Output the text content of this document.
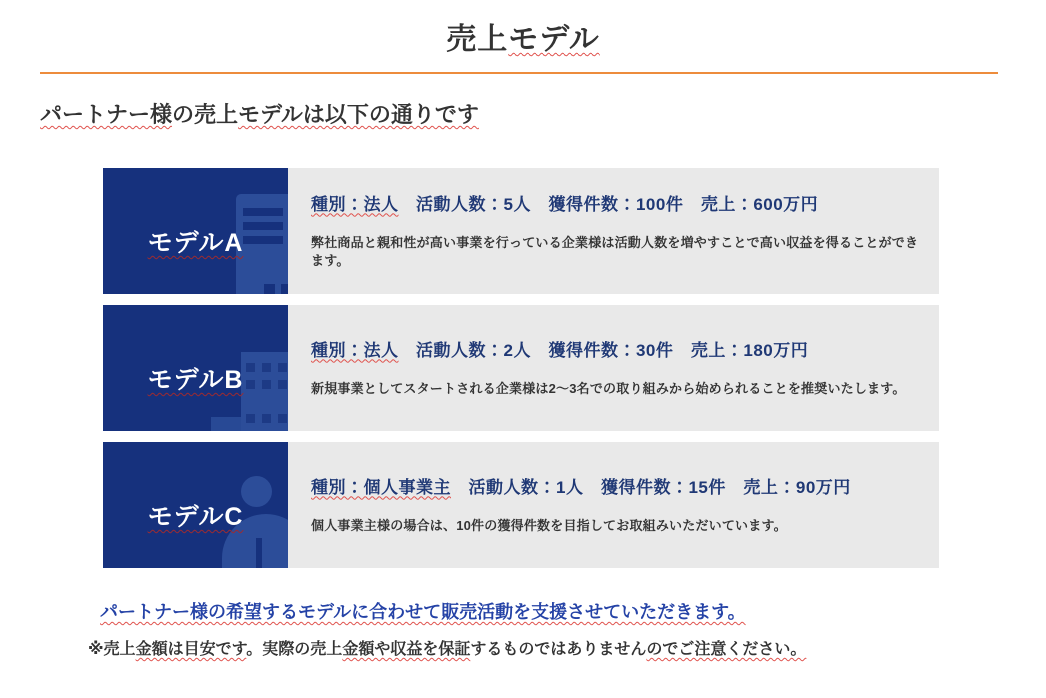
売上モデル
パートナー様の売上モデルは以下の通りです
モデルA
種別：法人　活動人数：5人　獲得件数：100件　売上：600万円
弊社商品と親和性が高い事業を行っている企業様は活動人数を増やすことで高い収益を得ることができます。
モデルB
種別：法人　活動人数：2人　獲得件数：30件　売上：180万円
新規事業としてスタートされる企業様は2～3名での取り組みから始められることを推奨いたします。
モデルC
種別：個人事業主　活動人数：1人　獲得件数：15件　売上：90万円
個人事業主様の場合は、10件の獲得件数を目指してお取組みいただいています。
パートナー様の希望するモデルに合わせて販売活動を支援させていただきます。
※売上金額は目安です。実際の売上金額や収益を保証するものではありませんのでご注意ください。
